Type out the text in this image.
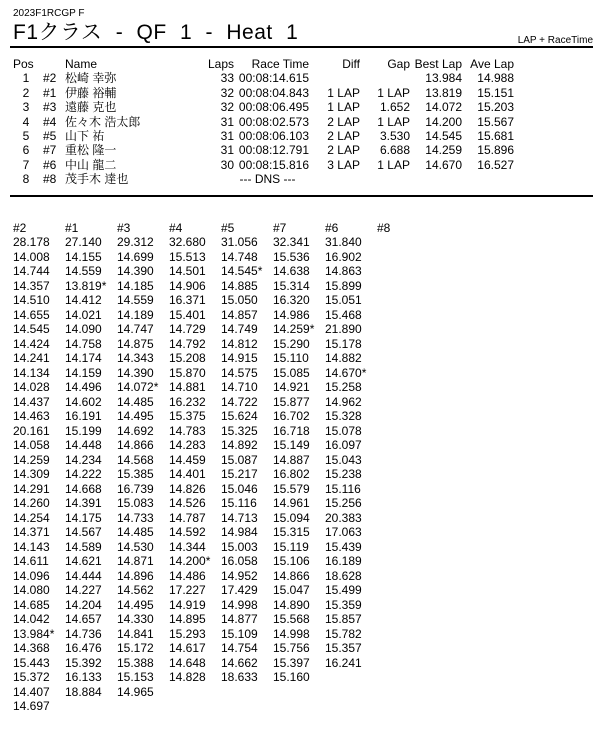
2023F1RCGP F
F1クラス - QF 1 - Heat 1	LAP + RaceTime
Pos		Name	Laps	Race Time	Diff	Gap	Best Lap	Ave Lap
1	#2	松崎 幸弥	33	00:08:14.615			13.984	14.988
2	#1	伊藤 裕輔	32	00:08:04.843	1 LAP	1 LAP	13.819	15.151
3	#3	遠藤 克也	32	00:08:06.495	1 LAP	1.652	14.072	15.203
4	#4	佐々木 浩太郎	31	00:08:02.573	2 LAP	1 LAP	14.200	15.567
5	#5	山下 祐	31	00:08:06.103	2 LAP	3.530	14.545	15.681
6	#7	重松 隆一	31	00:08:12.791	2 LAP	6.688	14.259	15.896
7	#6	中山 龍二	30	00:08:15.816	3 LAP	1 LAP	14.670	16.527
8	#8	茂手木 達也		--- DNS ---				
#2	#1	#3	#4	#5	#7	#6	#8
28.178	27.140	29.312	32.680	31.056	32.341	31.840	
14.008	14.155	14.699	15.513	14.748	15.536	16.902	
14.744	14.559	14.390	14.501	14.545*	14.638	14.863	
14.357	13.819*	14.185	14.906	14.885	15.314	15.899	
14.510	14.412	14.559	16.371	15.050	16.320	15.051	
14.655	14.021	14.189	15.401	14.857	14.986	15.468	
14.545	14.090	14.747	14.729	14.749	14.259*	21.890	
14.424	14.758	14.875	14.792	14.812	15.290	15.178	
14.241	14.174	14.343	15.208	14.915	15.110	14.882	
14.134	14.159	14.390	15.870	14.575	15.085	14.670*	
14.028	14.496	14.072*	14.881	14.710	14.921	15.258	
14.437	14.602	14.485	16.232	14.722	15.877	14.962	
14.463	16.191	14.495	15.375	15.624	16.702	15.328	
20.161	15.199	14.692	14.783	15.325	16.718	15.078	
14.058	14.448	14.866	14.283	14.892	15.149	16.097	
14.259	14.234	14.568	14.459	15.087	14.887	15.043	
14.309	14.222	15.385	14.401	15.217	16.802	15.238	
14.291	14.668	16.739	14.826	15.046	15.579	15.116	
14.260	14.391	15.083	14.526	15.116	14.961	15.256	
14.254	14.175	14.733	14.787	14.713	15.094	20.383	
14.371	14.567	14.485	14.592	14.984	15.315	17.063	
14.143	14.589	14.530	14.344	15.003	15.119	15.439	
14.611	14.621	14.871	14.200*	16.058	15.106	16.189	
14.096	14.444	14.896	14.486	14.952	14.866	18.628	
14.080	14.227	14.562	17.227	17.429	15.047	15.499	
14.685	14.204	14.495	14.919	14.998	14.890	15.359	
14.042	14.657	14.330	14.895	14.877	15.568	15.857	
13.984*	14.736	14.841	15.293	15.109	14.998	15.782	
14.368	16.476	15.172	14.617	14.754	15.756	15.357	
15.443	15.392	15.388	14.648	14.662	15.397	16.241	
15.372	16.133	15.153	14.828	18.633	15.160		
14.407	18.884	14.965					
14.697							
